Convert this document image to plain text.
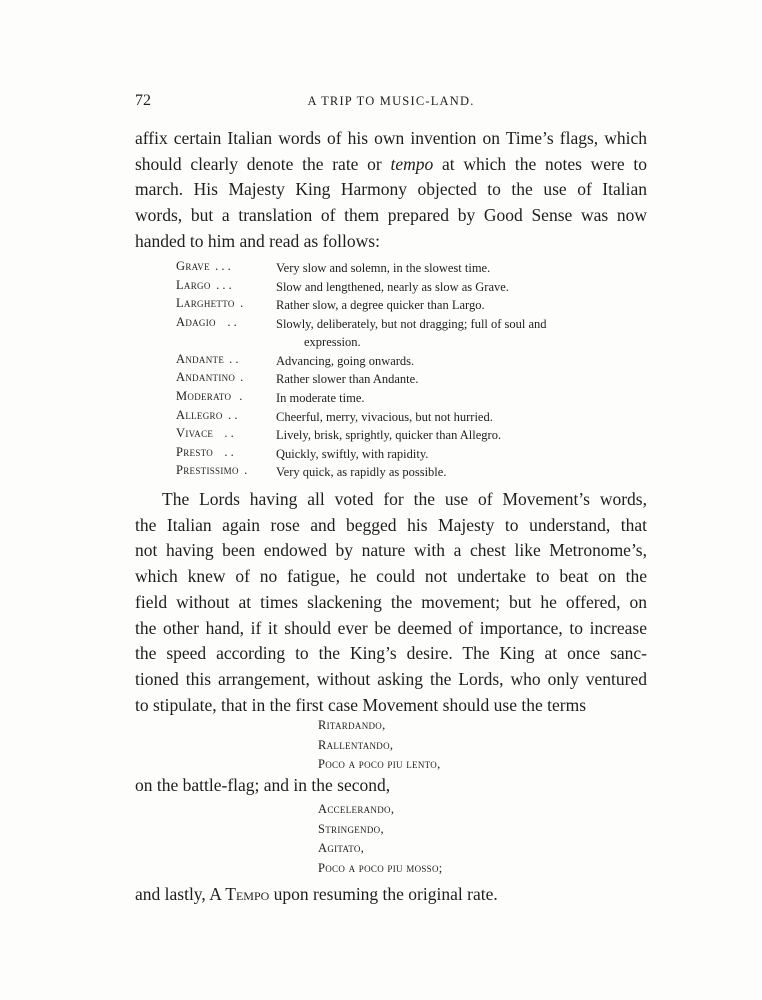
72	A TRIP TO MUSIC-LAND.

affix certain Italian words of his own invention on Time’s flags, which
should clearly denote the rate or tempo at which the notes were to
march. His Majesty King Harmony objected to the use of Italian
words, but a translation of them prepared by Good Sense was now
handed to him and read as follows:

Grave . . .	Very slow and solemn, in the slowest time.
Largo . . .	Slow and lengthened, nearly as slow as Grave.
Larghetto .	Rather slow, a degree quicker than Largo.
Adagio . .	Slowly, deliberately, but not dragging; full of soul and
expression.
Andante . .	Advancing, going onwards.
Andantino .	Rather slower than Andante.
Moderato .	In moderate time.
Allegro . .	Cheerful, merry, vivacious, but not hurried.
Vivace . .	Lively, brisk, sprightly, quicker than Allegro.
Presto . .	Quickly, swiftly, with rapidity.
Prestissimo . Very quick, as rapidly as possible.

The Lords having all voted for the use of Movement’s words,
the Italian again rose and begged his Majesty to understand, that
not having been endowed by nature with a chest like Metronome’s,
which knew of no fatigue, he could not undertake to beat on the
field without at times slackening the movement; but he offered, on
the other hand, if it should ever be deemed of importance, to increase
the speed according to the King’s desire. The King at once sanc-
tioned this arrangement, without asking the Lords, who only ventured
to stipulate, that in the first case Movement should use the terms

Ritardando,
Rallentando,
Poco a poco piu lento,
on the battle-flag; and in the second,
Accelerando,
Stringendo,
Agitato,
Poco a poco piu mosso;
and lastly, A Tempo upon resuming the original rate.
